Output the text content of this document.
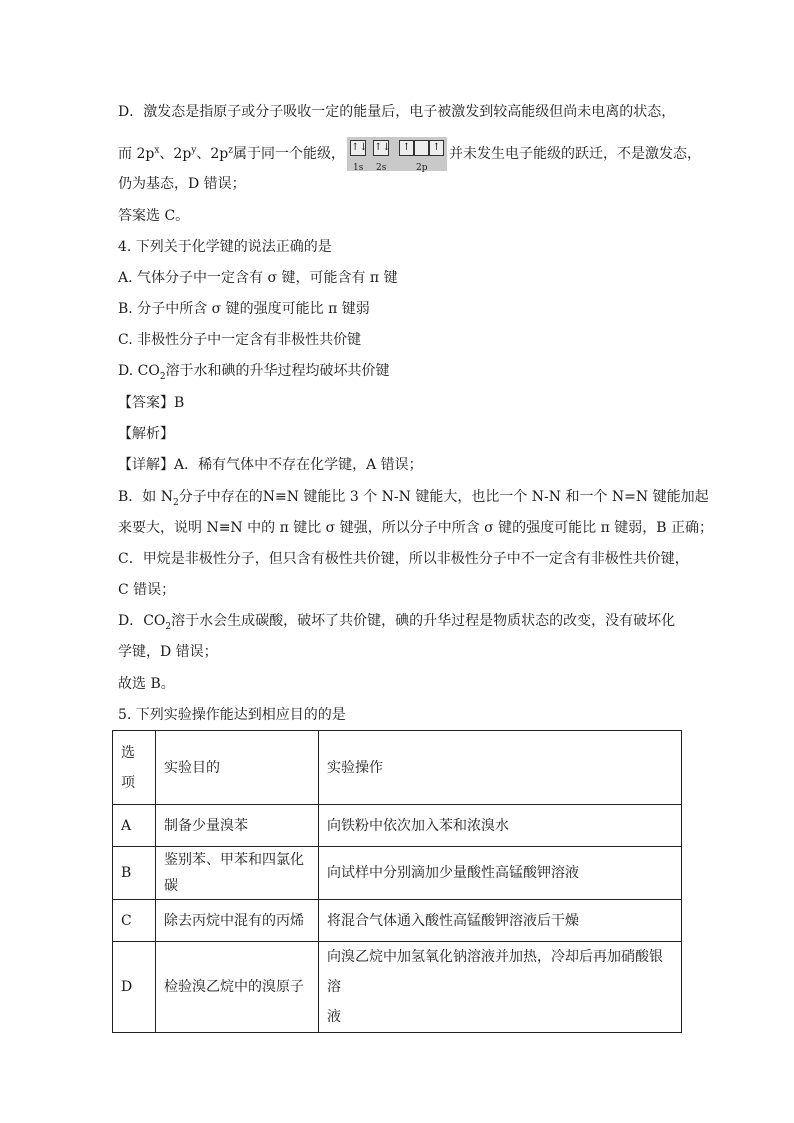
D．激发态是指原子或分子吸收一定的能量后，电子被激发到较高能级但尚未电离的状态，
而 $2p^x$、$2p^y$、$2p^z$属于同一个能级， ↑↓ ↑↓	↑	↑
1s 2s	2p
并未发生电子能级的跃迁，不是激发态，
仍为基态，D 错误；
答案选 C。
4. 下列关于化学键的说法正确的是
A. 气体分子中一定含有 σ 键，可能含有 π 键
B. 分子中所含 σ 键的强度可能比 π 键弱
C. 非极性分子中一定含有非极性共价键
D. $CO_2$溶于水和碘的升华过程均破坏共价键
【答案】B
【解析】
【详解】A．稀有气体中不存在化学键，A 错误；
B．如 $N_2$分子中存在的N≡N 键能比 3 个 N-N 键能大，也比一个 N-N 和一个 N=N 键能加起
来要大，说明 N≡N 中的 π 键比 σ 键强，所以分子中所含 σ 键的强度可能比 π 键弱，B 正确；
C．甲烷是非极性分子，但只含有极性共价键，所以非极性分子中不一定含有非极性共价键，
C 错误；
D．$CO_2$溶于水会生成碳酸，破坏了共价键，碘的升华过程是物质状态的改变，没有破坏化
学键，D 错误；
故选 B。
5. 下列实验操作能达到相应目的的是
选
项	实验目的	实验操作
A	制备少量溴苯	向铁粉中依次加入苯和浓溴水
B	鉴别苯、甲苯和四氯化碳	向试样中分别滴加少量酸性高锰酸钾溶液
C	除去丙烷中混有的丙烯	将混合气体通入酸性高锰酸钾溶液后干燥
D	检验溴乙烷中的溴原子	向溴乙烷中加氢氧化钠溶液并加热，冷却后再加硝酸银溶
液
